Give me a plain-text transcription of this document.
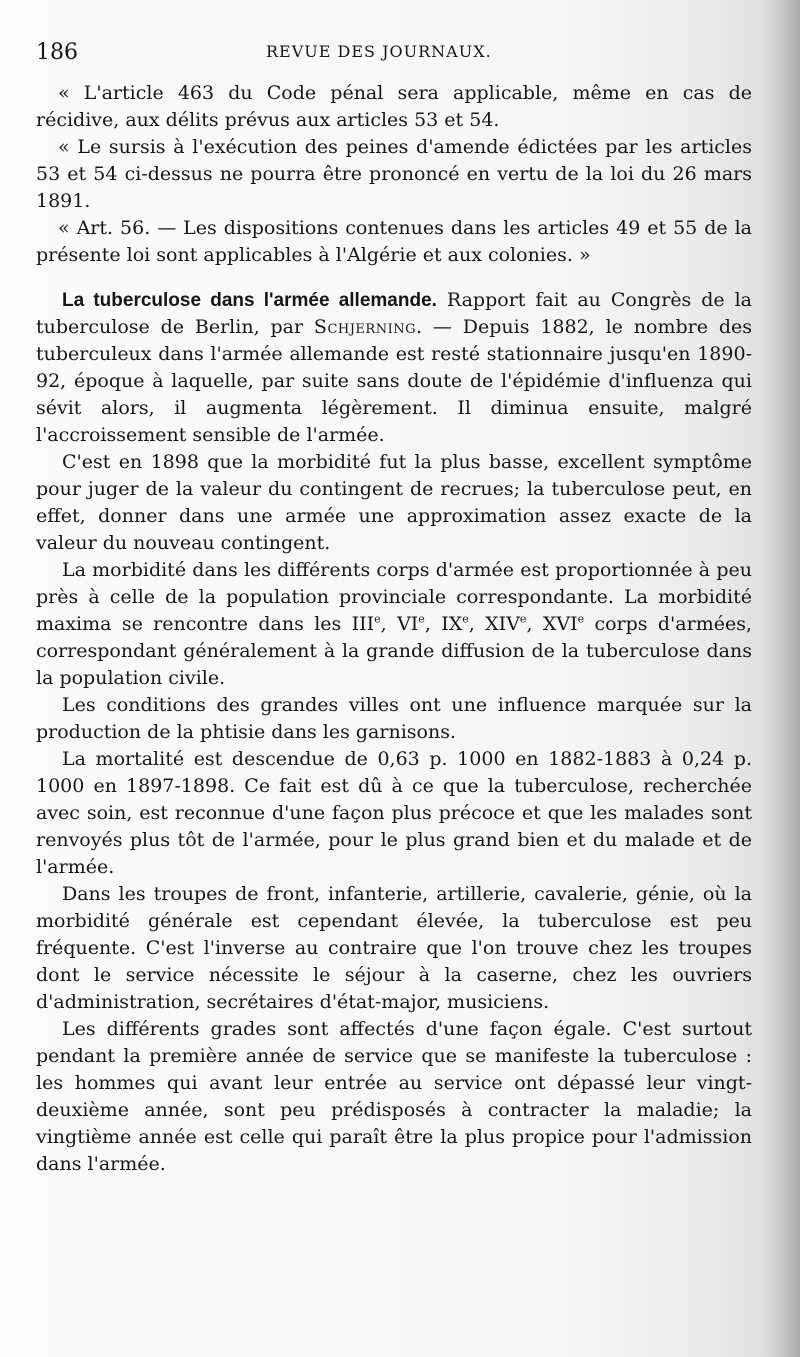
186	REVUE DES JOURNAUX.

« L'article 463 du Code pénal sera applicable, même en cas de récidive, aux délits prévus aux articles 53 et 54.

« Le sursis à l'exécution des peines d'amende édictées par les articles 53 et 54 ci-dessus ne pourra être prononcé en vertu de la loi du 26 mars 1891.

« Art. 56. — Les dispositions contenues dans les articles 49 et 55 de la présente loi sont applicables à l'Algérie et aux colonies. »

La tuberculose dans l'armée allemande. Rapport fait au Congrès de la tuberculose de Berlin, par Schjerning. — Depuis 1882, le nombre des tuberculeux dans l'armée allemande est resté stationnaire jusqu'en 1890-92, époque à laquelle, par suite sans doute de l'épidémie d'influenza qui sévit alors, il augmenta légèrement. Il diminua ensuite, malgré l'accroissement sensible de l'armée.

C'est en 1898 que la morbidité fut la plus basse, excellent symptôme pour juger de la valeur du contingent de recrues; la tuberculose peut, en effet, donner dans une armée une approximation assez exacte de la valeur du nouveau contingent.

La morbidité dans les différents corps d'armée est proportionnée à peu près à celle de la population provinciale correspondante. La morbidité maxima se rencontre dans les IIIe, VIe, IXe, XIVe, XVIe corps d'armées, correspondant généralement à la grande diffusion de la tuberculose dans la population civile.

Les conditions des grandes villes ont une influence marquée sur la production de la phtisie dans les garnisons.

La mortalité est descendue de 0,63 p. 1000 en 1882-1883 à 0,24 p. 1000 en 1897-1898. Ce fait est dû à ce que la tuberculose, recherchée avec soin, est reconnue d'une façon plus précoce et que les malades sont renvoyés plus tôt de l'armée, pour le plus grand bien et du malade et de l'armée.

Dans les troupes de front, infanterie, artillerie, cavalerie, génie, où la morbidité générale est cependant élevée, la tuberculose est peu fréquente. C'est l'inverse au contraire que l'on trouve chez les troupes dont le service nécessite le séjour à la caserne, chez les ouvriers d'administration, secrétaires d'état-major, musiciens.

Les différents grades sont affectés d'une façon égale. C'est surtout pendant la première année de service que se manifeste la tuberculose : les hommes qui avant leur entrée au service ont dépassé leur vingt-deuxième année, sont peu prédisposés à contracter la maladie; la vingtième année est celle qui paraît être la plus propice pour l'admission dans l'armée.
